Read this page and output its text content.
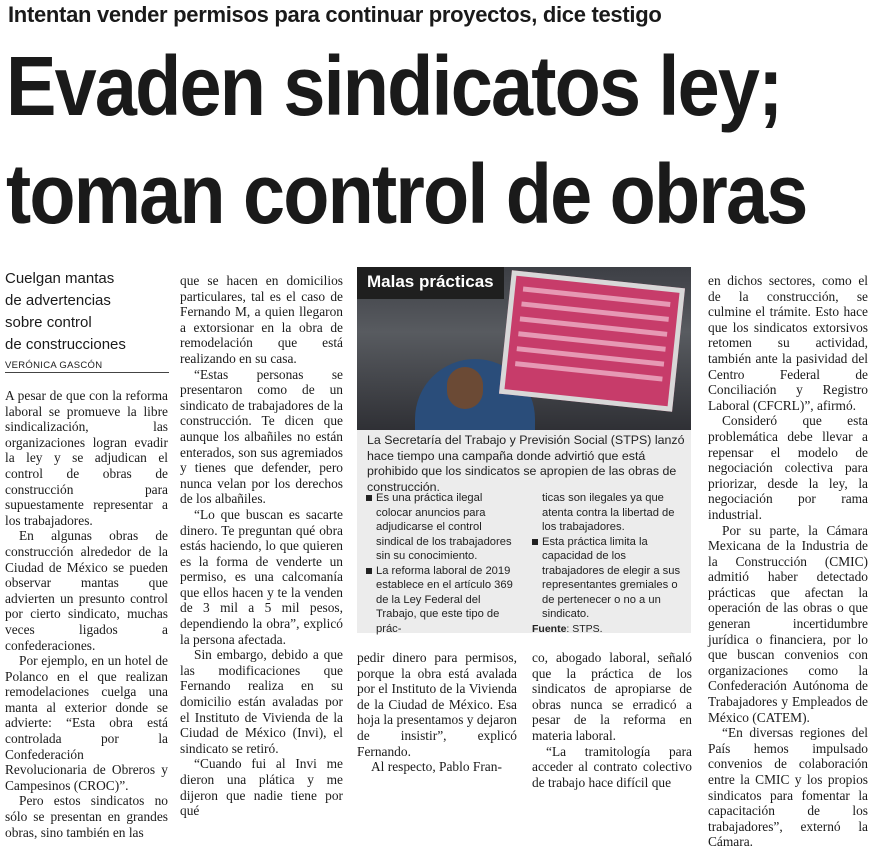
Intentan vender permisos para continuar proyectos, dice testigo
Evaden sindicatos ley;
toman control de obras
Cuelgan mantas
de advertencias
sobre control
de construcciones
VERÓNICA GASCÓN

A pesar de que con la reforma laboral se promueve la libre sindicalización, las organizaciones logran evadir la ley y se adjudican el control de obras de construcción para supuestamente representar a los trabajadores.

En algunas obras de construcción alrededor de la Ciudad de México se pueden observar mantas que advierten un presunto control por cierto sindicato, muchas veces ligados a confederaciones.

Por ejemplo, en un hotel de Polanco en el que realizan remodelaciones cuelga una manta al exterior donde se advierte: “Esta obra está controlada por la Confederación Revolucionaria de Obreros y Campesinos (CROC)”.

Pero estos sindicatos no sólo se presentan en grandes obras, sino también en las

que se hacen en domicilios particulares, tal es el caso de Fernando M, a quien llegaron a extorsionar en la obra de remodelación que está realizando en su casa.

“Estas personas se presentaron como de un sindicato de trabajadores de la construcción. Te dicen que aunque los albañiles no están enterados, son sus agremiados y tienes que defender, pero nunca velan por los derechos de los albañiles.

“Lo que buscan es sacarte dinero. Te preguntan qué obra estás haciendo, lo que quieren es la forma de venderte un permiso, es una calcomanía que ellos hacen y te la venden de 3 mil a 5 mil pesos, dependiendo la obra”, explicó la persona afectada.

Sin embargo, debido a que las modificaciones que Fernando realiza en su domicilio están avaladas por el Instituto de Vivienda de la Ciudad de México (Invi), el sindicato se retiró.

“Cuando fui al Invi me dieron una plática y me dijeron que nadie tiene por qué

Malas prácticas
La Secretaría del Trabajo y Previsión Social (STPS) lanzó hace tiempo una campaña donde advirtió que está prohibido que los sindicatos se apropien de las obras de construcción.
Es una práctica ilegal colocar anuncios para adjudicarse el control sindical de los trabajadores sin su conocimiento.
La reforma laboral de 2019 establece en el artículo 369 de la Ley Federal del Trabajo, que este tipo de prác-
ticas son ilegales ya que atenta contra la libertad de los trabajadores.
Esta práctica limita la capacidad de los trabajadores de elegir a sus representantes gremiales o de pertenecer o no a un sindicato.
Fuente: STPS.

pedir dinero para permisos, porque la obra está avalada por el Instituto de la Vivienda de la Ciudad de México. Esa hoja la presentamos y dejaron de insistir”, explicó Fernando.

Al respecto, Pablo Fran-

co, abogado laboral, señaló que la práctica de los sindicatos de apropiarse de obras nunca se erradicó a pesar de la reforma en materia laboral.

“La tramitología para acceder al contrato colectivo de trabajo hace difícil que

en dichos sectores, como el de la construcción, se culmine el trámite. Esto hace que los sindicatos extorsivos retomen su actividad, también ante la pasividad del Centro Federal de Conciliación y Registro Laboral (CFCRL)”, afirmó.

Consideró que esta problemática debe llevar a repensar el modelo de negociación colectiva para priorizar, desde la ley, la negociación por rama industrial.

Por su parte, la Cámara Mexicana de la Industria de la Construcción (CMIC) admitió haber detectado prácticas que afectan la operación de las obras o que generan incertidumbre jurídica o financiera, por lo que buscan convenios con organizaciones como la Confederación Autónoma de Trabajadores y Empleados de México (CATEM).

“En diversas regiones del País hemos impulsado convenios de colaboración entre la CMIC y los propios sindicatos para fomentar la capacitación de los trabajadores”, externó la Cámara.
